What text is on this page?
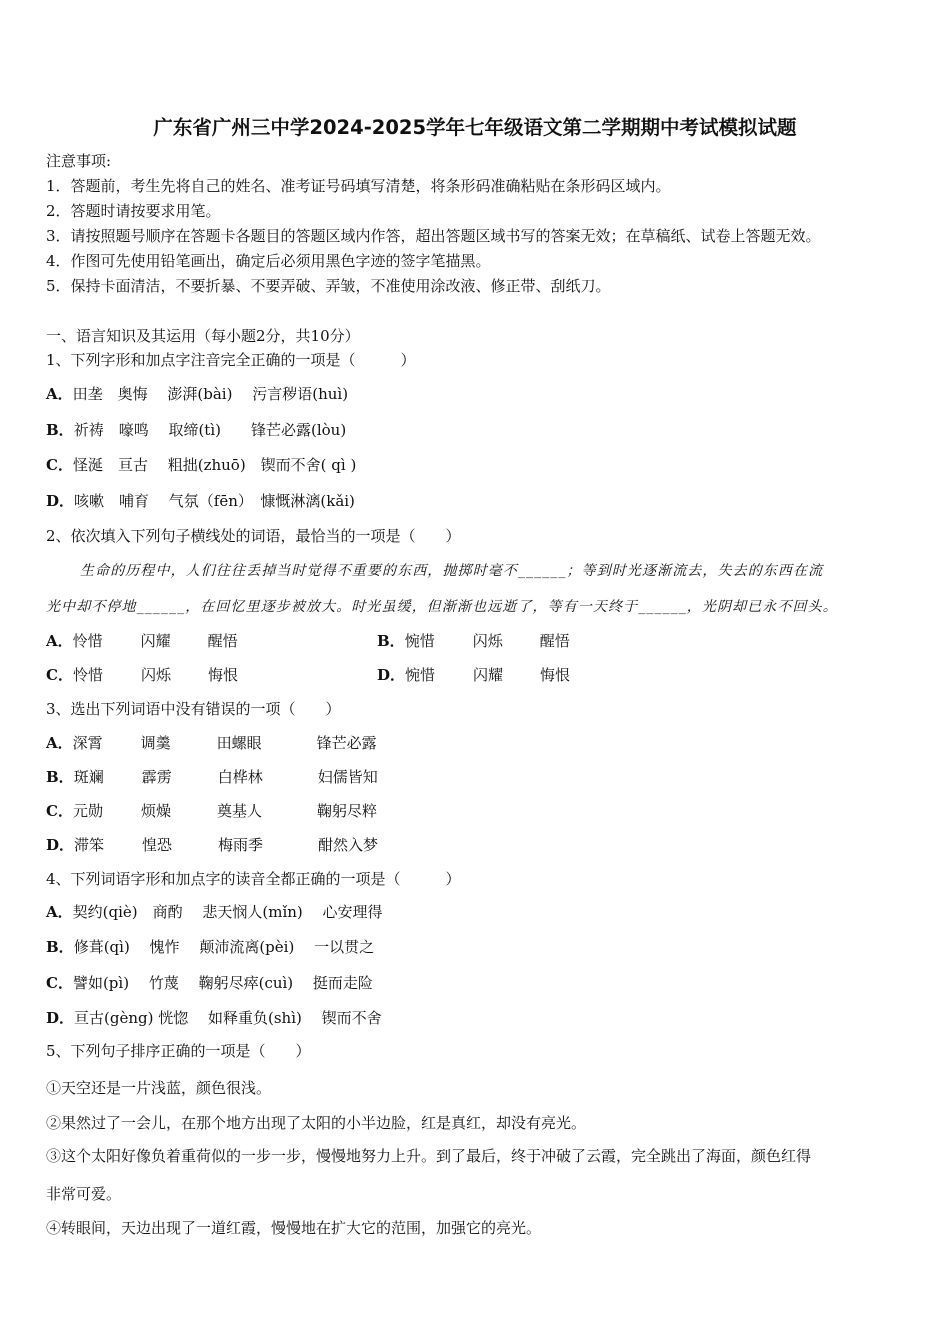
广东省广州三中学2024-2025学年七年级语文第二学期期中考试模拟试题
注意事项:
1．答题前，考生先将自己的姓名、准考证号码填写清楚，将条形码准确粘贴在条形码区域内。
2．答题时请按要求用笔。
3．请按照题号顺序在答题卡各题目的答题区域内作答，超出答题区域书写的答案无效；在草稿纸、试卷上答题无效。
4．作图可先使用铅笔画出，确定后必须用黑色字迹的签字笔描黑。
5．保持卡面清洁，不要折暴、不要弄破、弄皱，不准使用涂改液、修正带、刮纸刀。
一、语言知识及其运用（每小题2分，共10分）
1、下列字形和加点字注音完全正确的一项是（　　　）
A．田垄　奥悔　 澎湃(bài)　 污言秽语(huì)
B．祈祷　嚎鸣　 取缔(tì)　　锋芒必露(lòu)
C．怪涎　亘古　 粗拙(zhuō)　锲而不舍( qì )
D．咳嗽　哺育　 气氛（fēn）　慷慨淋漓(kǎi)
2、依次填入下列句子横线处的词语，最恰当的一项是（　　）
生命的历程中，人们往往丢掉当时觉得不重要的东西，抛掷时毫不______；等到时光逐渐流去，失去的东西在流
光中却不停地______，在回忆里逐步被放大。时光虽缓，但渐渐也远逝了，等有一天终于______，光阴却已永不回头。
A．怜惜	闪耀 醒悟	B．惋惜	闪烁 醒悟
C．怜惜	闪烁 悔恨	D．惋惜	闪耀 悔恨
3、选出下列词语中没有错误的一项（　　）
A．深霄	调羹	田螺眼	锋芒必露
B．斑斓	霹雳	白桦林	妇儒皆知
C．元勋	烦燥	奠基人	鞠躬尽粹
D．滞笨	惶恐	梅雨季	酣然入梦
4、下列词语字形和加点字的读音全都正确的一项是（　　　）
A．契约(qiè)　商酌　 悲天悯人(mǐn)　 心安理得
B．修葺(qì)　 愧怍　 颠沛流离(pèi)　 一以贯之
C．譬如(pì)　 竹蔑　 鞠躬尽瘁(cuì)　 挺而走险
D．亘古(gèng) 恍惚　 如释重负(shì)　 锲而不舍
5、下列句子排序正确的一项是（　　）
①天空还是一片浅蓝，颜色很浅。
②果然过了一会儿，在那个地方出现了太阳的小半边脸，红是真红，却没有亮光。
③这个太阳好像负着重荷似的一步一步，慢慢地努力上升。到了最后，终于冲破了云霞，完全跳出了海面，颜色红得
非常可爱。
④转眼间，天边出现了一道红霞，慢慢地在扩大它的范围，加强它的亮光。
